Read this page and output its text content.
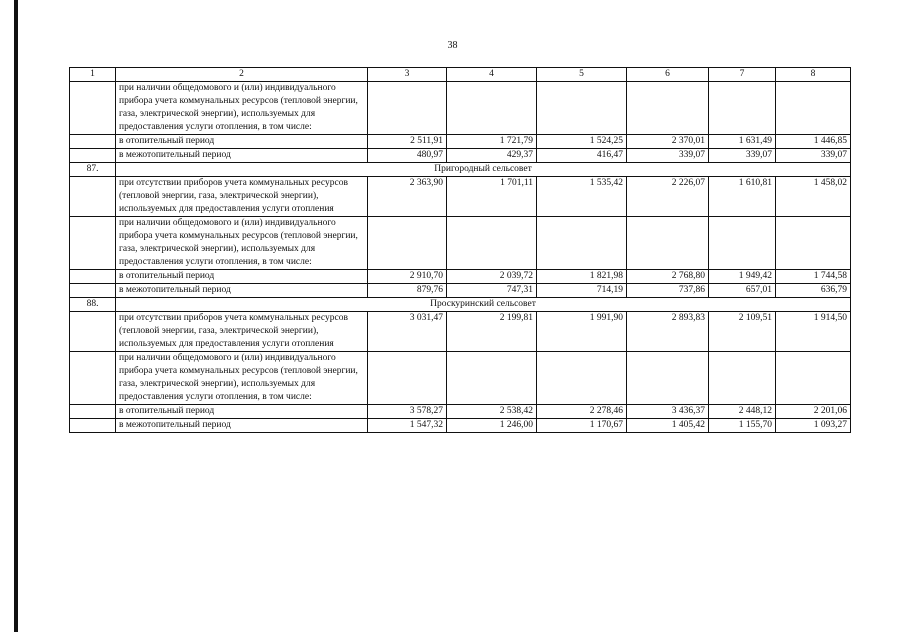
38
1	2	3	4	5	6	7	8
	при наличии общедомового и (или) индивидуального прибора учета коммунальных ресурсов (тепловой энергии, газа, электрической энергии), используемых для предоставления услуги отопления, в том числе:						
	в отопительный период	2 511,91	1 721,79	1 524,25	2 370,01	1 631,49	1 446,85
	в межотопительный период	480,97	429,37	416,47	339,07	339,07	339,07
87.	Пригородный сельсовет						
	при отсутствии приборов учета коммунальных ресурсов (тепловой энергии, газа, электрической энергии), используемых для предоставления услуги отопления	2 363,90	1 701,11	1 535,42	2 226,07	1 610,81	1 458,02
	при наличии общедомового и (или) индивидуального прибора учета коммунальных ресурсов (тепловой энергии, газа, электрической энергии), используемых для предоставления услуги отопления, в том числе:						
	в отопительный период	2 910,70	2 039,72	1 821,98	2 768,80	1 949,42	1 744,58
	в межотопительный период	879,76	747,31	714,19	737,86	657,01	636,79
88.	Проскуринский сельсовет						
	при отсутствии приборов учета коммунальных ресурсов (тепловой энергии, газа, электрической энергии), используемых для предоставления услуги отопления	3 031,47	2 199,81	1 991,90	2 893,83	2 109,51	1 914,50
	при наличии общедомового и (или) индивидуального прибора учета коммунальных ресурсов (тепловой энергии, газа, электрической энергии), используемых для предоставления услуги отопления, в том числе:						
	в отопительный период	3 578,27	2 538,42	2 278,46	3 436,37	2 448,12	2 201,06
	в межотопительный период	1 547,32	1 246,00	1 170,67	1 405,42	1 155,70	1 093,27
